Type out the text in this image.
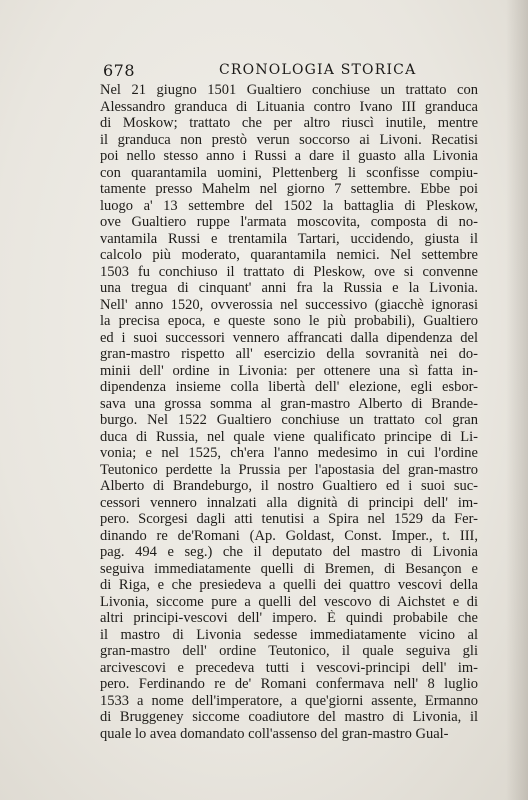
678	CRONOLOGIA STORICA
Nel 21 giugno 1501 Gualtiero conchiuse un trattato con
Alessandro granduca di Lituania contro Ivano III granduca
di Moskow; trattato che per altro riuscì inutile, mentre
il granduca non prestò verun soccorso ai Livoni. Recatisi
poi nello stesso anno i Russi a dare il guasto alla Livonia
con quarantamila uomini, Plettenberg li sconfisse compiu-
tamente presso Mahelm nel giorno 7 settembre. Ebbe poi
luogo a' 13 settembre del 1502 la battaglia di Pleskow,
ove Gualtiero ruppe l'armata moscovita, composta di no-
vantamila Russi e trentamila Tartari, uccidendo, giusta il
calcolo più moderato, quarantamila nemici. Nel settembre
1503 fu conchiuso il trattato di Pleskow, ove si convenne
una tregua di cinquant' anni fra la Russia e la Livonia.
Nell' anno 1520, ovverossia nel successivo (giacchè ignorasi
la precisa epoca, e queste sono le più probabili), Gualtiero
ed i suoi successori vennero affrancati dalla dipendenza del
gran-mastro rispetto all' esercizio della sovranità nei do-
minii dell' ordine in Livonia: per ottenere una sì fatta in-
dipendenza insieme colla libertà dell' elezione, egli esbor-
sava una grossa somma al gran-mastro Alberto di Brande-
burgo. Nel 1522 Gualtiero conchiuse un trattato col gran
duca di Russia, nel quale viene qualificato principe di Li-
vonia; e nel 1525, ch'era l'anno medesimo in cui l'ordine
Teutonico perdette la Prussia per l'apostasia del gran-mastro
Alberto di Brandeburgo, il nostro Gualtiero ed i suoi suc-
cessori vennero innalzati alla dignità di principi dell' im-
pero. Scorgesi dagli atti tenutisi a Spira nel 1529 da Fer-
dinando re de'Romani (Ap. Goldast, Const. Imper., t. III,
pag. 494 e seg.) che il deputato del mastro di Livonia
seguiva immediatamente quelli di Bremen, di Besançon e
di Riga, e che presiedeva a quelli dei quattro vescovi della
Livonia, siccome pure a quelli del vescovo di Aichstet e di
altri principi-vescovi dell' impero. È quindi probabile che
il mastro di Livonia sedesse immediatamente vicino al
gran-mastro dell' ordine Teutonico, il quale seguiva gli
arcivescovi e precedeva tutti i vescovi-principi dell' im-
pero. Ferdinando re de' Romani confermava nell' 8 luglio
1533 a nome dell'imperatore, a que'giorni assente, Ermanno
di Bruggeney siccome coadiutore del mastro di Livonia, il
quale lo avea domandato coll'assenso del gran-mastro Gual-
